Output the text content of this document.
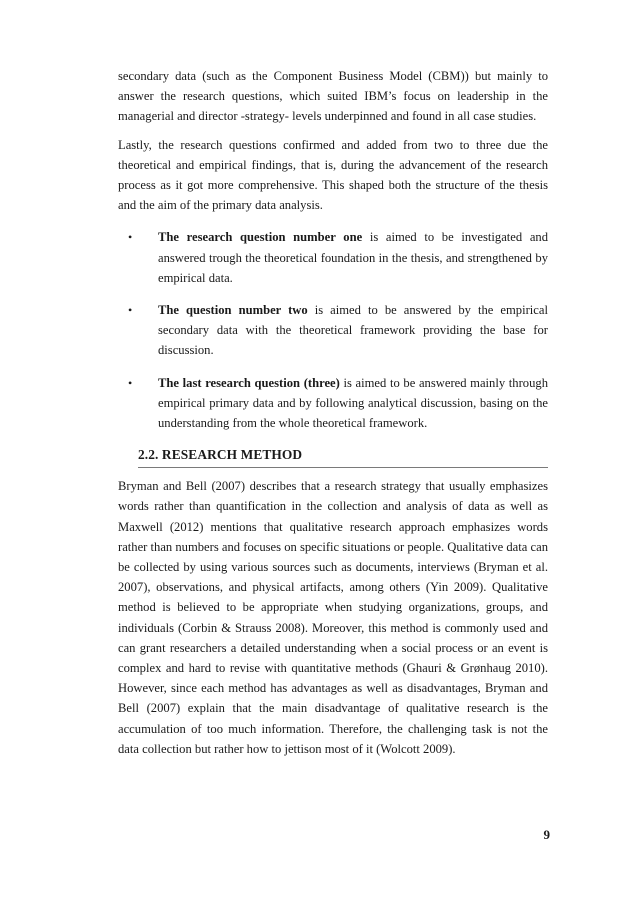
secondary data (such as the Component Business Model (CBM)) but mainly to answer the research questions, which suited IBM’s focus on leadership in the managerial and director -strategy- levels underpinned and found in all case studies.

Lastly, the research questions confirmed and added from two to three due the theoretical and empirical findings, that is, during the advancement of the research process as it got more comprehensive. This shaped both the structure of the thesis and the aim of the primary data analysis.

• The research question number one is aimed to be investigated and answered trough the theoretical foundation in the thesis, and strengthened by empirical data.
• The question number two is aimed to be answered by the empirical secondary data with the theoretical framework providing the base for discussion.
• The last research question (three) is aimed to be answered mainly through empirical primary data and by following analytical discussion, basing on the understanding from the whole theoretical framework.
2.2. RESEARCH METHOD

Bryman and Bell (2007) describes that a research strategy that usually emphasizes words rather than quantification in the collection and analysis of data as well as Maxwell (2012) mentions that qualitative research approach emphasizes words rather than numbers and focuses on specific situations or people. Qualitative data can be collected by using various sources such as documents, interviews (Bryman et al. 2007), observations, and physical artifacts, among others (Yin 2009). Qualitative method is believed to be appropriate when studying organizations, groups, and individuals (Corbin & Strauss 2008). Moreover, this method is commonly used and can grant researchers a detailed understanding when a social process or an event is complex and hard to revise with quantitative methods (Ghauri & Grønhaug 2010). However, since each method has advantages as well as disadvantages, Bryman and Bell (2007) explain that the main disadvantage of qualitative research is the accumulation of too much information. Therefore, the challenging task is not the data collection but rather how to jettison most of it (Wolcott 2009).

9
